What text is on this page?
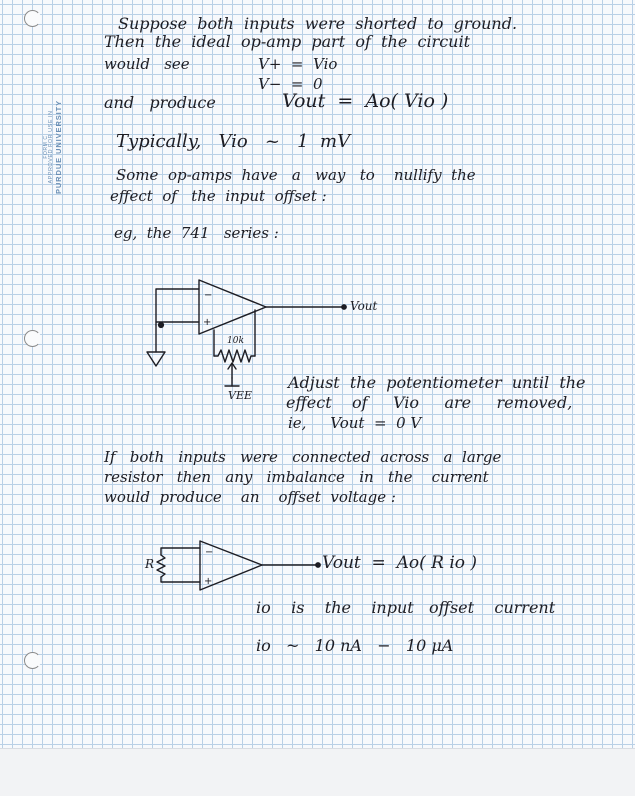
FORM C APPROVED FOR USE IN PURDUE UNIVERSITY
Suppose  both  inputs  were  shorted  to  ground.
Then  the  ideal  op-amp  part  of  the  circuit
would   see	V+  =  Vio
V−  =  0
and   produce	Vout  =  Ao( Vio )
Typically,   Vio   ~   1  mV
Some  op-amps  have   a   way   to    nullify  the
effect  of   the  input  offset :
eg,  the  741   series :
−
+
Vout
10k
VEE
Adjust  the  potentiometer  until  the
effect    of     Vio     are     removed,
ie,     Vout  =  0 V
If   both   inputs   were   connected  across   a  large
resistor   then   any   imbalance   in   the    current
would  produce    an    offset  voltage :
−
+
R	Vout  =  Ao( R io )
io    is    the    input   offset    current
io   ~   10 nA   −   10 μA
